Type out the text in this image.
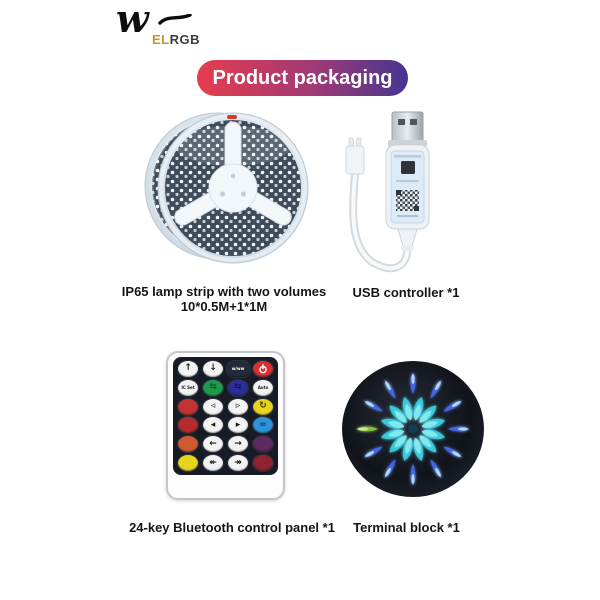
w ELRGB
Product packaging
↑	↓	w/ww
IC Set	⇆	⇆	Auto
◃	▹	↻
◂	▸	≈
←	→
↞	↠
IP65 lamp strip with two volumes
10*0.5M+1*1M
USB controller *1
24-key Bluetooth control panel *1	Terminal block *1
